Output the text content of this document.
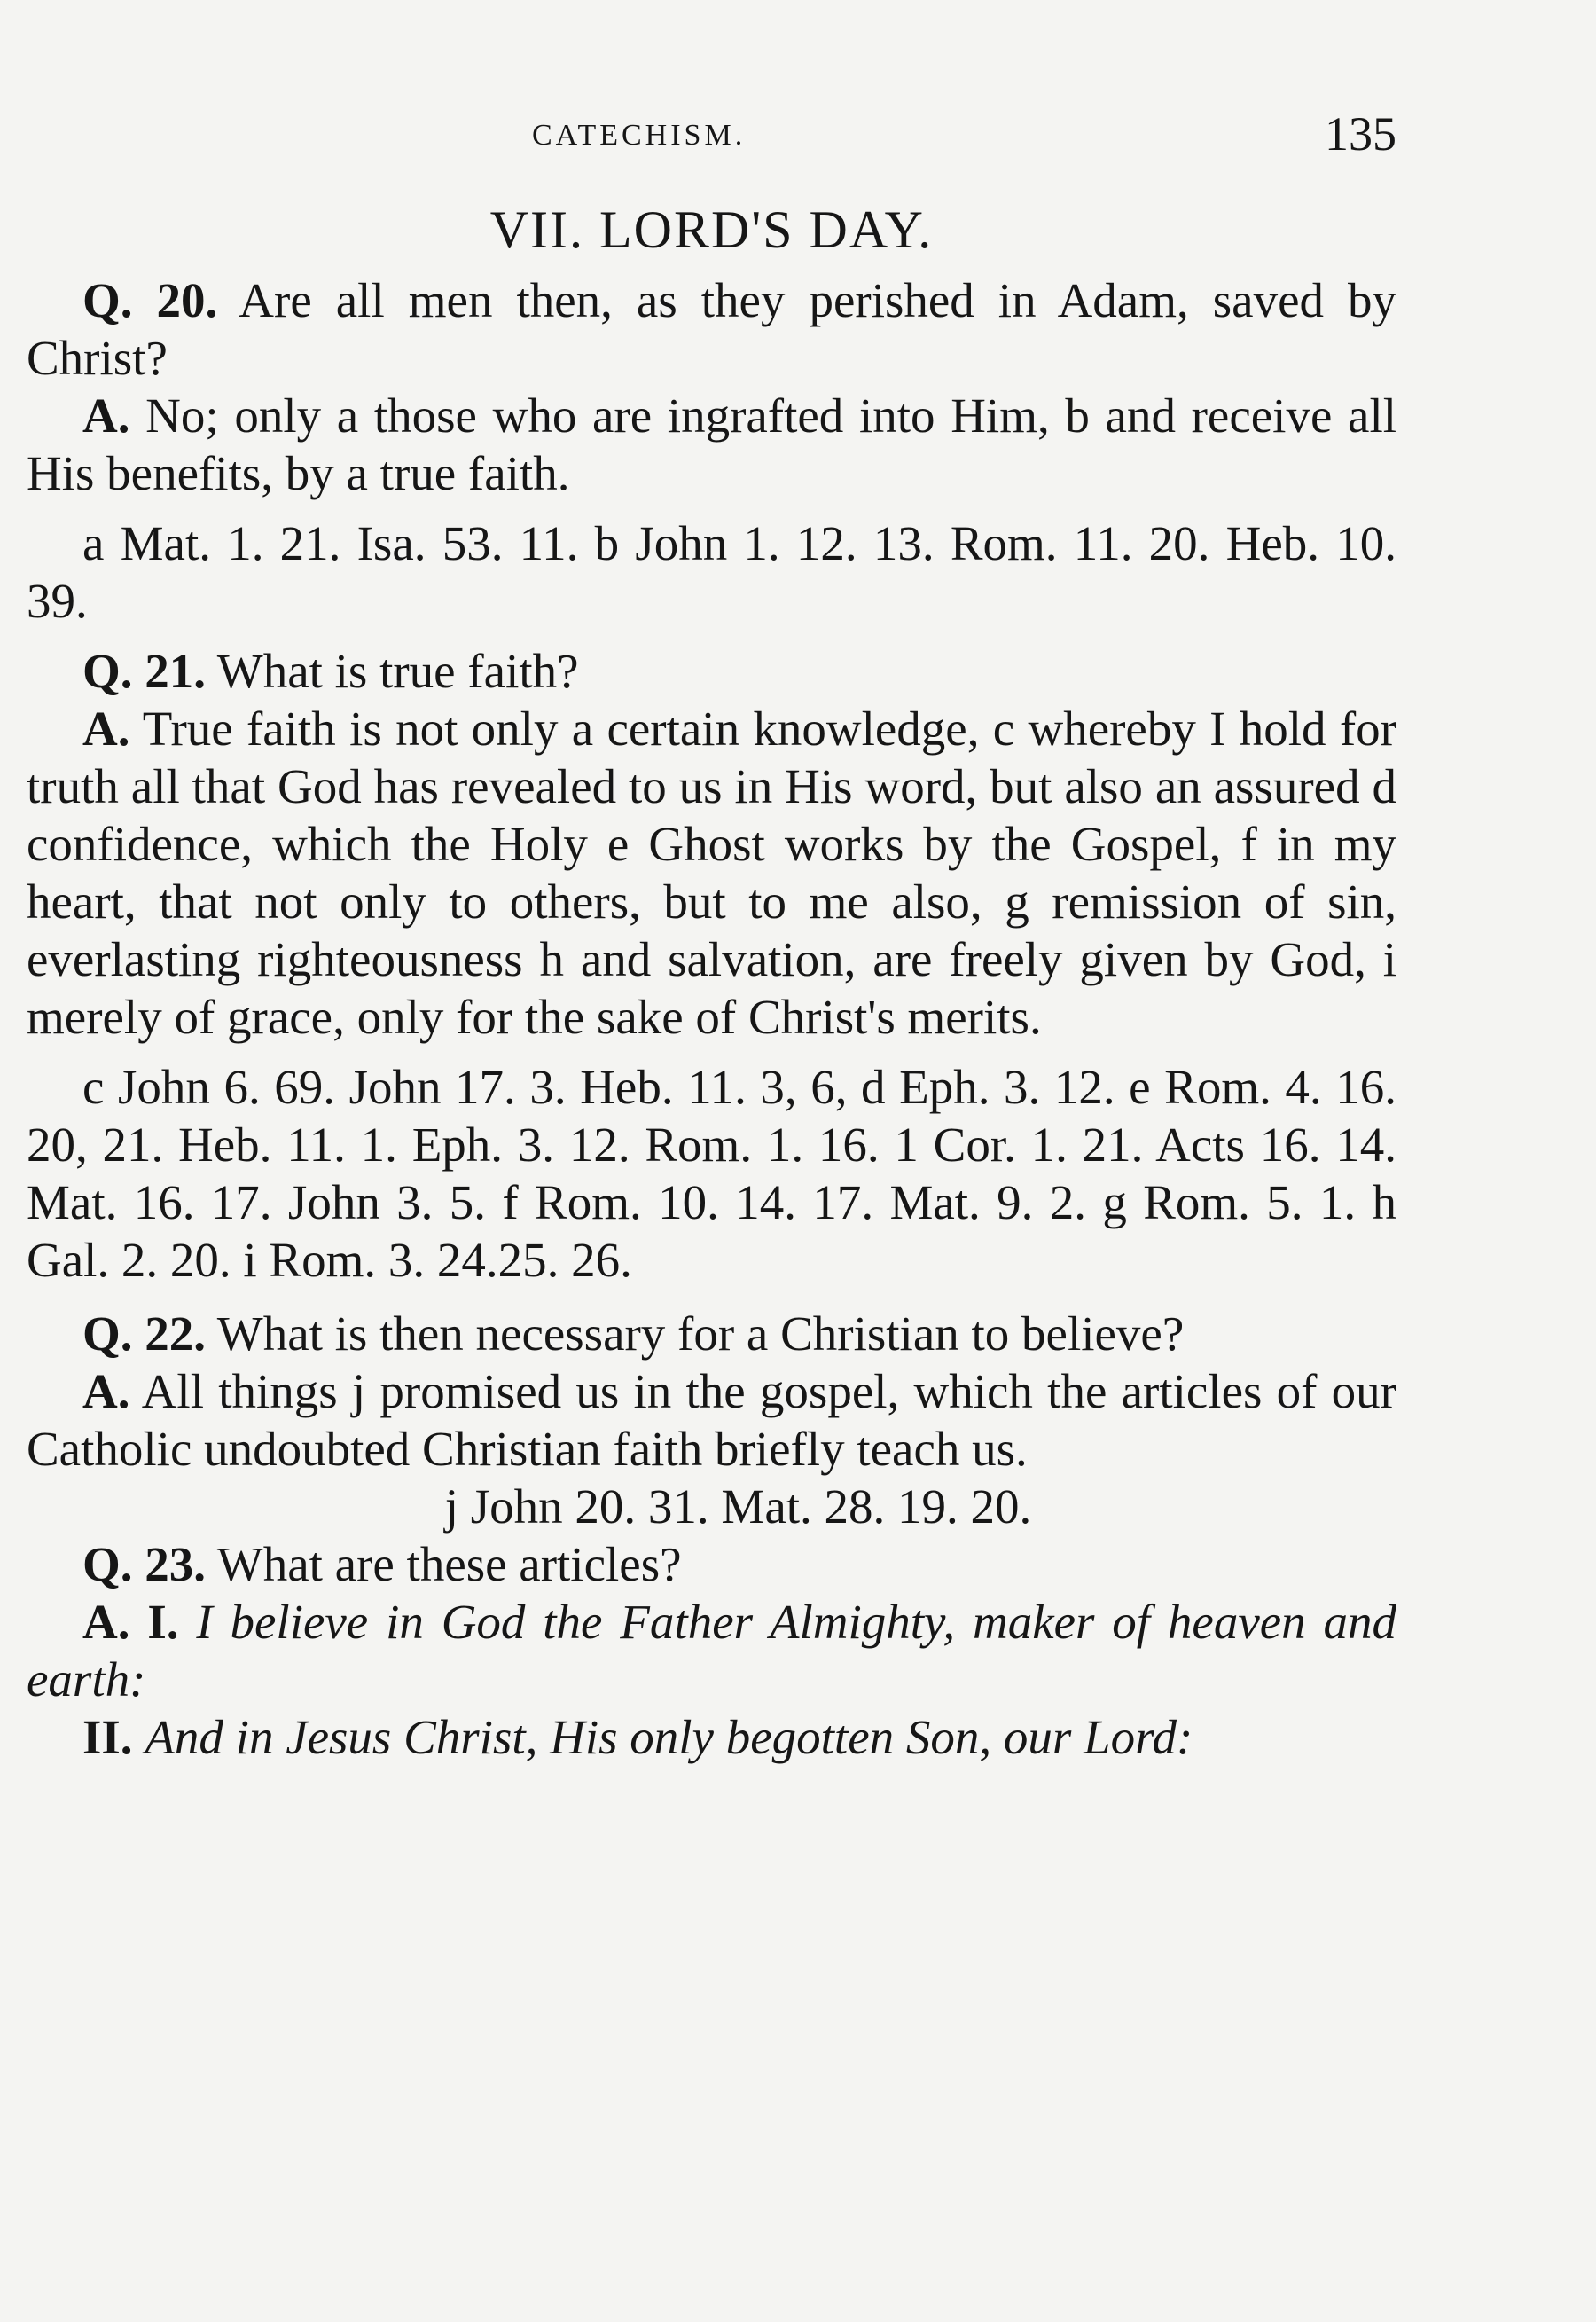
CATECHISM.	135
VII. LORD'S DAY.

Q. 20. Are all men then, as they perished in Adam, saved by Christ?

A. No; only a those who are ingrafted into Him, b and receive all His benefits, by a true faith.

a Mat. 1. 21. Isa. 53. 11. b John 1. 12. 13. Rom. 11. 20. Heb. 10. 39.

Q. 21. What is true faith?

A. True faith is not only a certain knowledge, c whereby I hold for truth all that God has revealed to us in His word, but also an assured d confidence, which the Holy e Ghost works by the Gospel, f in my heart, that not only to others, but to me also, g remission of sin, everlasting righteousness h and salvation, are freely given by God, i merely of grace, only for the sake of Christ's merits.

c John 6. 69. John 17. 3. Heb. 11. 3, 6, d Eph. 3. 12. e Rom. 4. 16. 20, 21. Heb. 11. 1. Eph. 3. 12. Rom. 1. 16. 1 Cor. 1. 21. Acts 16. 14. Mat. 16. 17. John 3. 5. f Rom. 10. 14. 17. Mat. 9. 2. g Rom. 5. 1. h Gal. 2. 20. i Rom. 3. 24.25. 26.

Q. 22. What is then necessary for a Christian to believe?

A. All things j promised us in the gospel, which the articles of our Catholic undoubted Christian faith briefly teach us.

j John 20. 31. Mat. 28. 19. 20.

Q. 23. What are these articles?

A. I. I believe in God the Father Almighty, maker of heaven and earth:

II. And in Jesus Christ, His only begotten Son, our Lord:
